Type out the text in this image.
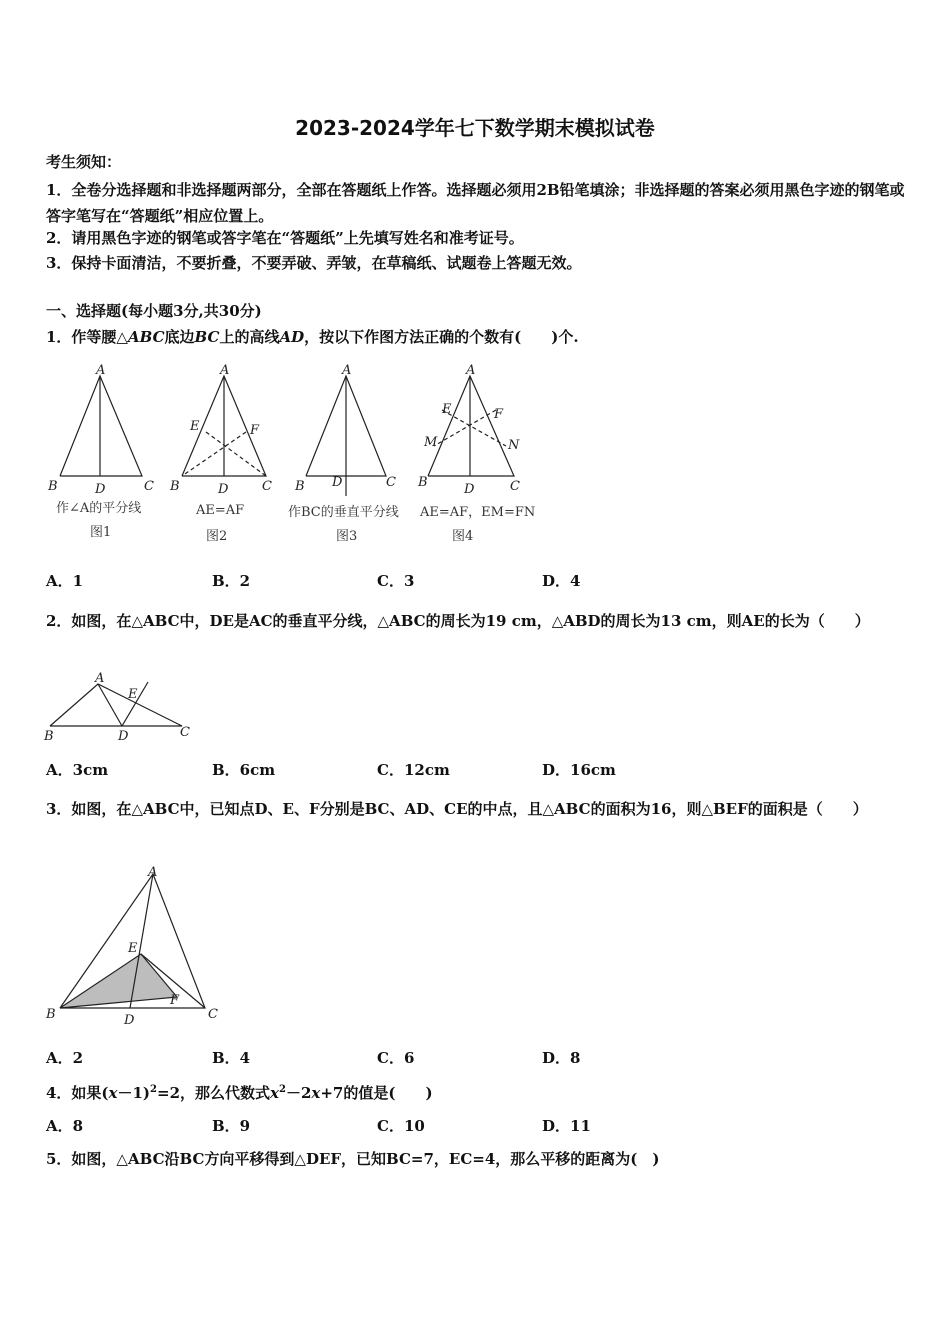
2023-2024学年七下数学期末模拟试卷
考生须知：
1．全卷分选择题和非选择题两部分，全部在答题纸上作答。选择题必须用2B铅笔填涂；非选择题的答案必须用黑色字迹的钢笔或答字笔写在“答题纸”相应位置上。
2．请用黑色字迹的钢笔或答字笔在“答题纸”上先填写姓名和准考证号。
3．保持卡面清洁，不要折叠，不要弄破、弄皱，在草稿纸、试题卷上答题无效。
一、选择题(每小题3分,共30分)
1．作等腰△ABC底边BC上的高线AD，按以下作图方法正确的个数有(　　)个.
A
B	D	C
A
B	D	C
E	F
A
B D	C
A
B	D	C
E	F
M	N
作∠A的平分线
图1
AE=AF
图2
作BC的垂直平分线
图3
AE=AF，EM=FN
图4
A．1	B．2	C．3	D．4
2．如图，在△ABC中，DE是AC的垂直平分线，△ABC的周长为19 cm，△ABD的周长为13 cm，则AE的长为（　　）
A
B	D	C
E
A．3cm	B．6cm	C．12cm	D．16cm
3．如图，在△ABC中，已知点D、E、F分别是BC、AD、CE的中点，且△ABC的面积为16，则△BEF的面积是（　　）
A
B	D	C
E
F
A．2	B．4	C．6	D．8
4．如果$(x-1)^2=2$，那么代数式$x^2-2x+7$的值是(　　)
A．8	B．9	C．10	D．11
5．如图，△ABC沿BC方向平移得到△DEF，已知BC=7，EC=4，那么平移的距离为(　)
